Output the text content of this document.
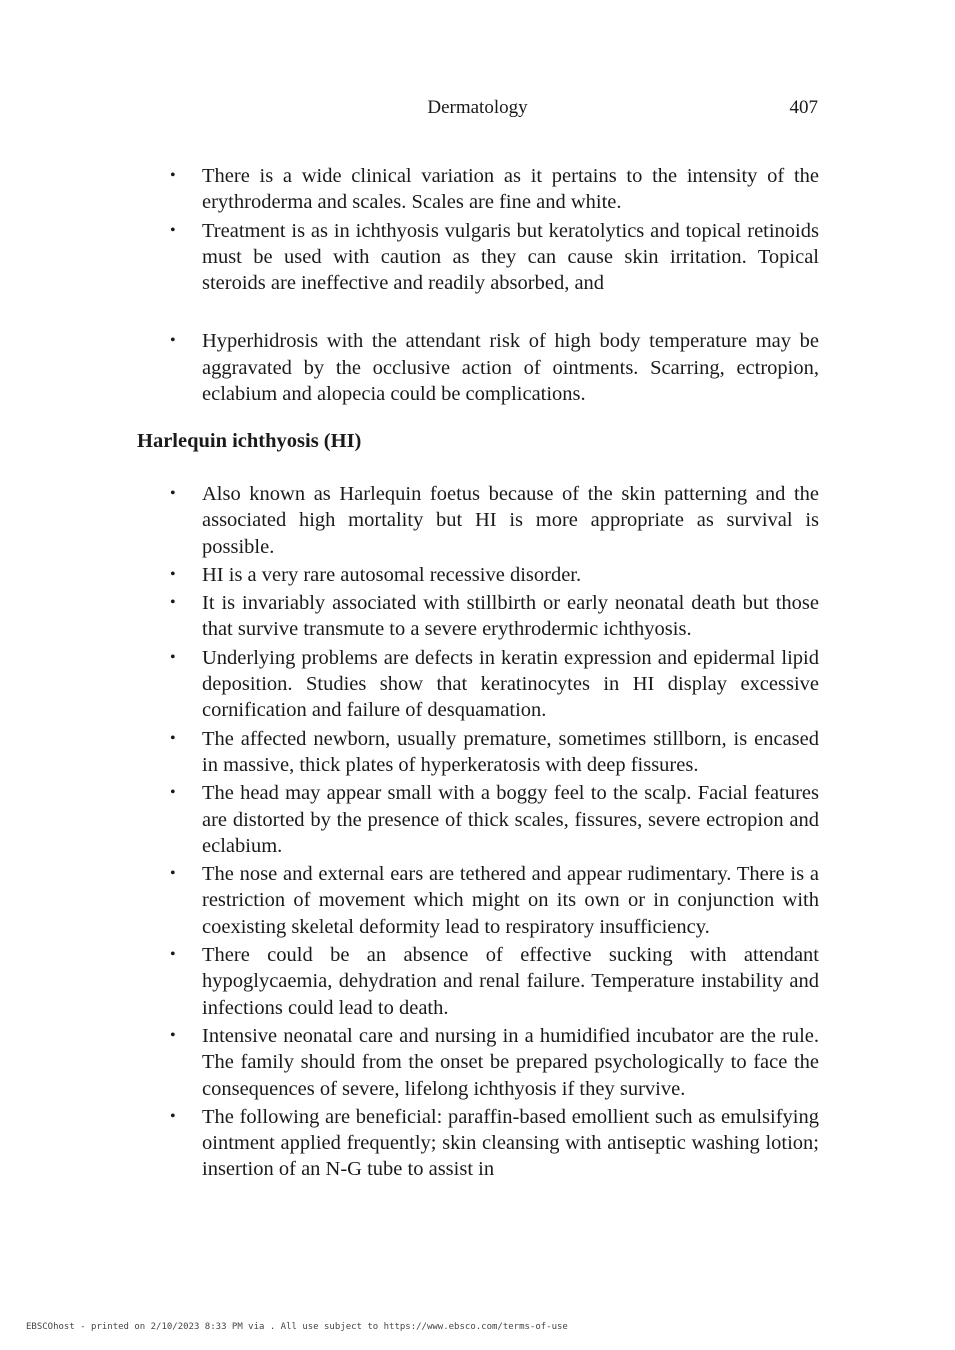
Dermatology	407
• There is a wide clinical variation as it pertains to the intensity of the erythroderma and scales. Scales are fine and white.
• Treatment is as in ichthyosis vulgaris but keratolytics and topical retinoids must be used with caution as they can cause skin irritation. Topical steroids are ineffective and readily absorbed, and
• Hyperhidrosis with the attendant risk of high body temperature may be aggravated by the occlusive action of ointments. Scarring, ectropion, eclabium and alopecia could be complications.
Harlequin ichthyosis (HI)
• Also known as Harlequin foetus because of the skin patterning and the associated high mortality but HI is more appropriate as survival is possible.
• HI is a very rare autosomal recessive disorder.
• It is invariably associated with stillbirth or early neonatal death but those that survive transmute to a severe erythrodermic ichthyosis.
• Underlying problems are defects in keratin expression and epidermal lipid deposition. Studies show that keratinocytes in HI display excessive cornification and failure of desquamation.
• The affected newborn, usually premature, sometimes stillborn, is encased in massive, thick plates of hyperkeratosis with deep fissures.
• The head may appear small with a boggy feel to the scalp. Facial features are distorted by the presence of thick scales, fissures, severe ectropion and eclabium.
• The nose and external ears are tethered and appear rudimentary. There is a restriction of movement which might on its own or in conjunction with coexisting skeletal deformity lead to respiratory insufficiency.
• There could be an absence of effective sucking with attendant hypoglycaemia, dehydration and renal failure. Temperature instability and infections could lead to death.
• Intensive neonatal care and nursing in a humidified incubator are the rule. The family should from the onset be prepared psychologically to face the consequences of severe, lifelong ichthyosis if they survive.
• The following are beneficial: paraffin-based emollient such as emulsifying ointment applied frequently; skin cleansing with antiseptic washing lotion; insertion of an N-G tube to assist in
EBSCOhost - printed on 2/10/2023 8:33 PM via . All use subject to https://www.ebsco.com/terms-of-use
